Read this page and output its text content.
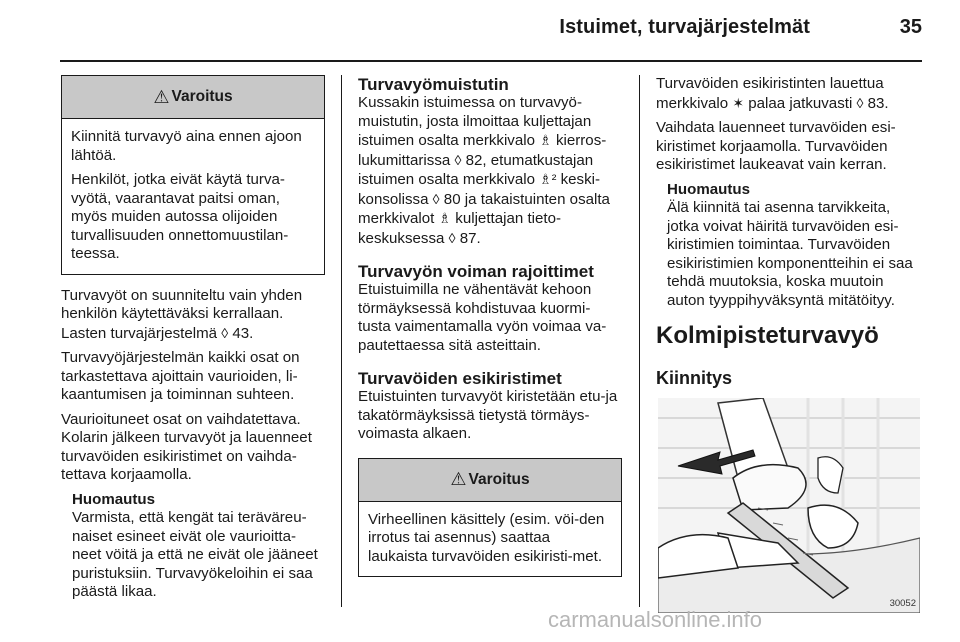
Istuimet, turvajärjestelmät	35
⚠ Varoitus

Kiinnitä turvavyö aina ennen ajoon lähtöä.

Henkilöt, jotka eivät käytä turva-vyötä, vaarantavat paitsi oman, myös muiden autossa olijoiden turvallisuuden onnettomuustilan-teessa.

Turvavyöt on suunniteltu vain yhden henkilön käytettäväksi kerrallaan. Lasten turvajärjestelmä ◊ 43.

Turvavyöjärjestelmän kaikki osat on tarkastettava ajoittain vaurioiden, li-kaantumisen ja toiminnan suhteen.

Vaurioituneet osat on vaihdatettava. Kolarin jälkeen turvavyöt ja lauenneet turvavöiden esikiristimet on vaihda-tettava korjaamolla.

Huomautus

Varmista, että kengät tai teräväreu-naiset esineet eivät ole vaurioitta-neet vöitä ja että ne eivät ole jääneet puristuksiin. Turvavyökeloihin ei saa päästä likaa.

Turvavyömuistutin

Kussakin istuimessa on turvavyö-muistutin, josta ilmoittaa kuljettajan istuimen osalta merkkivalo ♗ kierros-lukumittarissa ◊ 82, etumatkustajan istuimen osalta merkkivalo ♗² keski-konsolissa ◊ 80 ja takaistuinten osalta merkkivalot ♗ kuljettajan tieto-keskuksessa ◊ 87.

Turvavyön voiman rajoittimet

Etuistuimilla ne vähentävät kehoon törmäyksessä kohdistuvaa kuormi-tusta vaimentamalla vyön voimaa va-pautettaessa sitä asteittain.

Turvavöiden esikiristimet

Etuistuinten turvavyöt kiristetään etu-ja takatörmäyksissä tietystä törmäys-voimasta alkaen.

⚠ Varoitus

Virheellinen käsittely (esim. vöi-den irrotus tai asennus) saattaa laukaista turvavöiden esikiristi-met.

Turvavöiden esikiristinten lauettua merkkivalo ✶ palaa jatkuvasti ◊ 83.

Vaihdata lauenneet turvavöiden esi-kiristimet korjaamolla. Turvavöiden esikiristimet laukeavat vain kerran.

Huomautus

Älä kiinnitä tai asenna tarvikkeita, jotka voivat häiritä turvavöiden esi-kiristimien toimintaa. Turvavöiden esikiristimien komponentteihin ei saa tehdä muutoksia, koska muutoin auton tyyppihyväksyntä mitätöityy.

Kolmipisteturvavyö
Kiinnitys
30052
carmanualsonline.info
